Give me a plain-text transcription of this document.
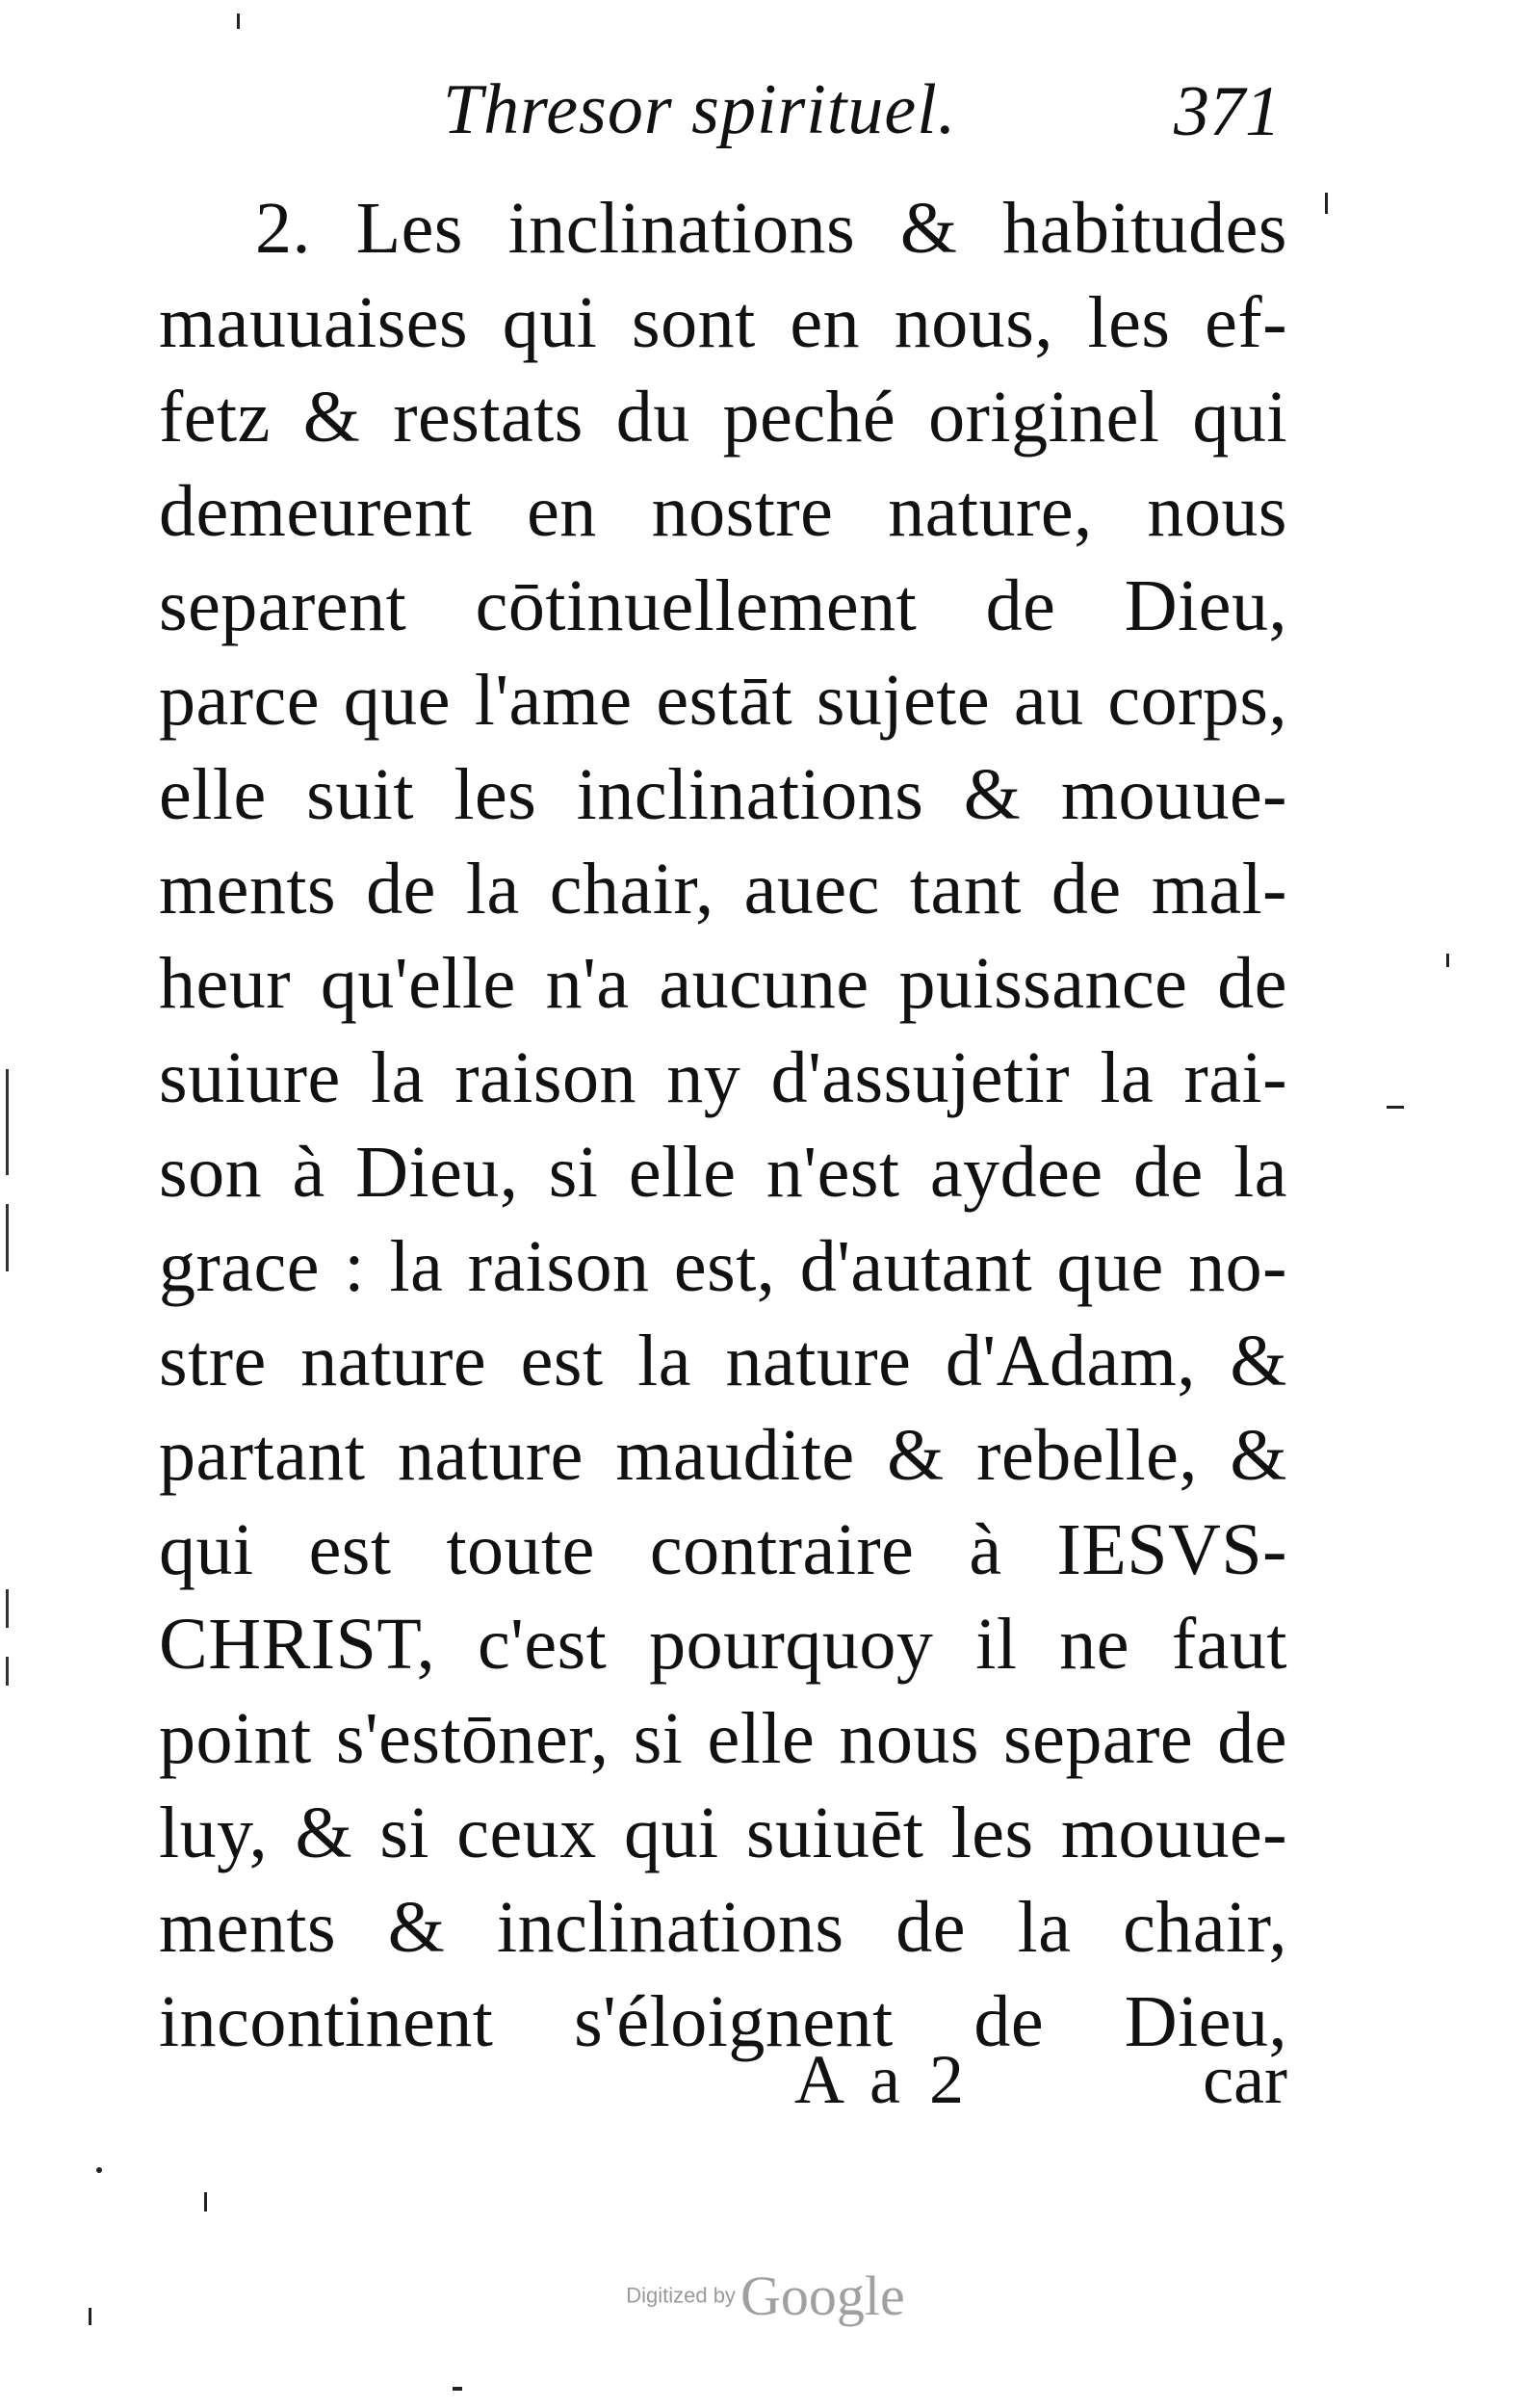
Thresor spirituel.	371
2. Les inclinations & habitudes
mauuaises qui sont en nous, les ef-
fetz & restats du peché originel qui
demeurent en nostre nature, nous
separent cōtinuellement de Dieu,
parce que l'ame estāt sujete au corps,
elle suit les inclinations & mouue-
ments de la chair, auec tant de mal-
heur qu'elle n'a aucune puissance de
suiure la raison ny d'assujetir la rai-
son à Dieu, si elle n'est aydee de la
grace : la raison est, d'autant que no-
stre nature est la nature d'Adam, &
partant nature maudite & rebelle, &
qui est toute contraire à IESVS-
CHRIST, c'est pourquoy il ne faut
point s'estōner, si elle nous separe de
luy, & si ceux qui suiuēt les mouue-
ments & inclinations de la chair,
incontinent s'éloignent de Dieu,
A a 2	car
Digitized by Google
